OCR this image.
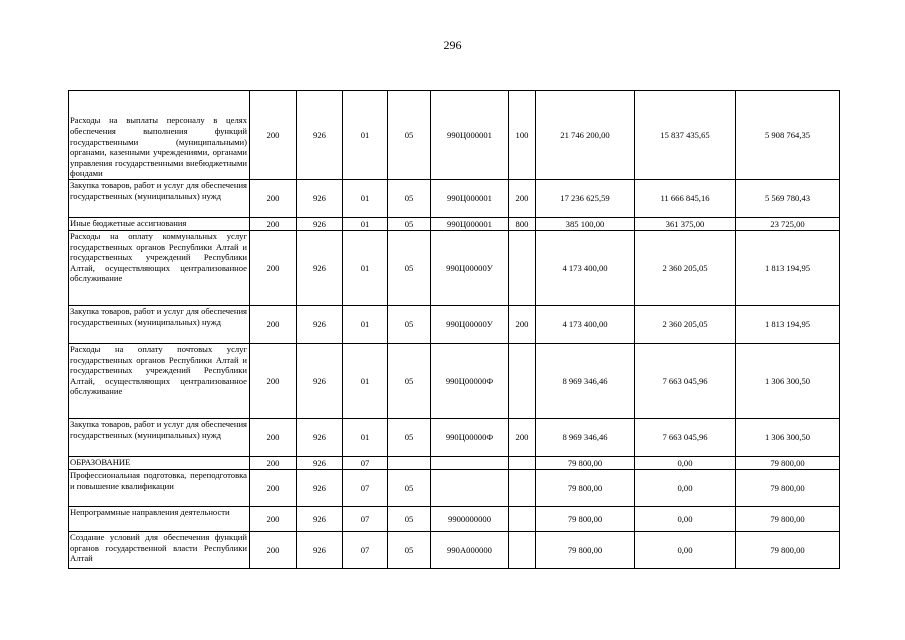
296
Расходы на выплаты персоналу в целях обеспечения выполнения функций государственными (муниципальными) органами, казенными учреждениями, органами управления государственными внебюджетными фондами	200	926	01	05	990Ц000001	100	21 746 200,00	15 837 435,65	5 908 764,35
Закупка товаров, работ и услуг для обеспечения государственных (муниципальных) нужд	200	926	01	05	990Ц000001	200	17 236 625,59	11 666 845,16	5 569 780,43
Иные бюджетные ассигнования	200	926	01	05	990Ц000001	800	385 100,00	361 375,00	23 725,00
Расходы на оплату коммунальных услуг государственных органов Республики Алтай и государственных учреждений Республики Алтай, осуществляющих централизованное обслуживание	200	926	01	05	990Ц00000У		4 173 400,00	2 360 205,05	1 813 194,95
Закупка товаров, работ и услуг для обеспечения государственных (муниципальных) нужд	200	926	01	05	990Ц00000У	200	4 173 400,00	2 360 205,05	1 813 194,95
Расходы на оплату почтовых услуг государственных органов Республики Алтай и государственных учреждений Республики Алтай, осуществляющих централизованное обслуживание	200	926	01	05	990Ц00000Ф		8 969 346,46	7 663 045,96	1 306 300,50
Закупка товаров, работ и услуг для обеспечения государственных (муниципальных) нужд	200	926	01	05	990Ц00000Ф	200	8 969 346,46	7 663 045,96	1 306 300,50
ОБРАЗОВАНИЕ	200	926	07				79 800,00	0,00	79 800,00
Профессиональная подготовка, переподготовка и повышение квалификации	200	926	07	05			79 800,00	0,00	79 800,00
Непрограммные направления деятельности	200	926	07	05	9900000000		79 800,00	0,00	79 800,00
Создание условий для обеспечения функций органов государственной власти Республики Алтай	200	926	07	05	990А000000		79 800,00	0,00	79 800,00
